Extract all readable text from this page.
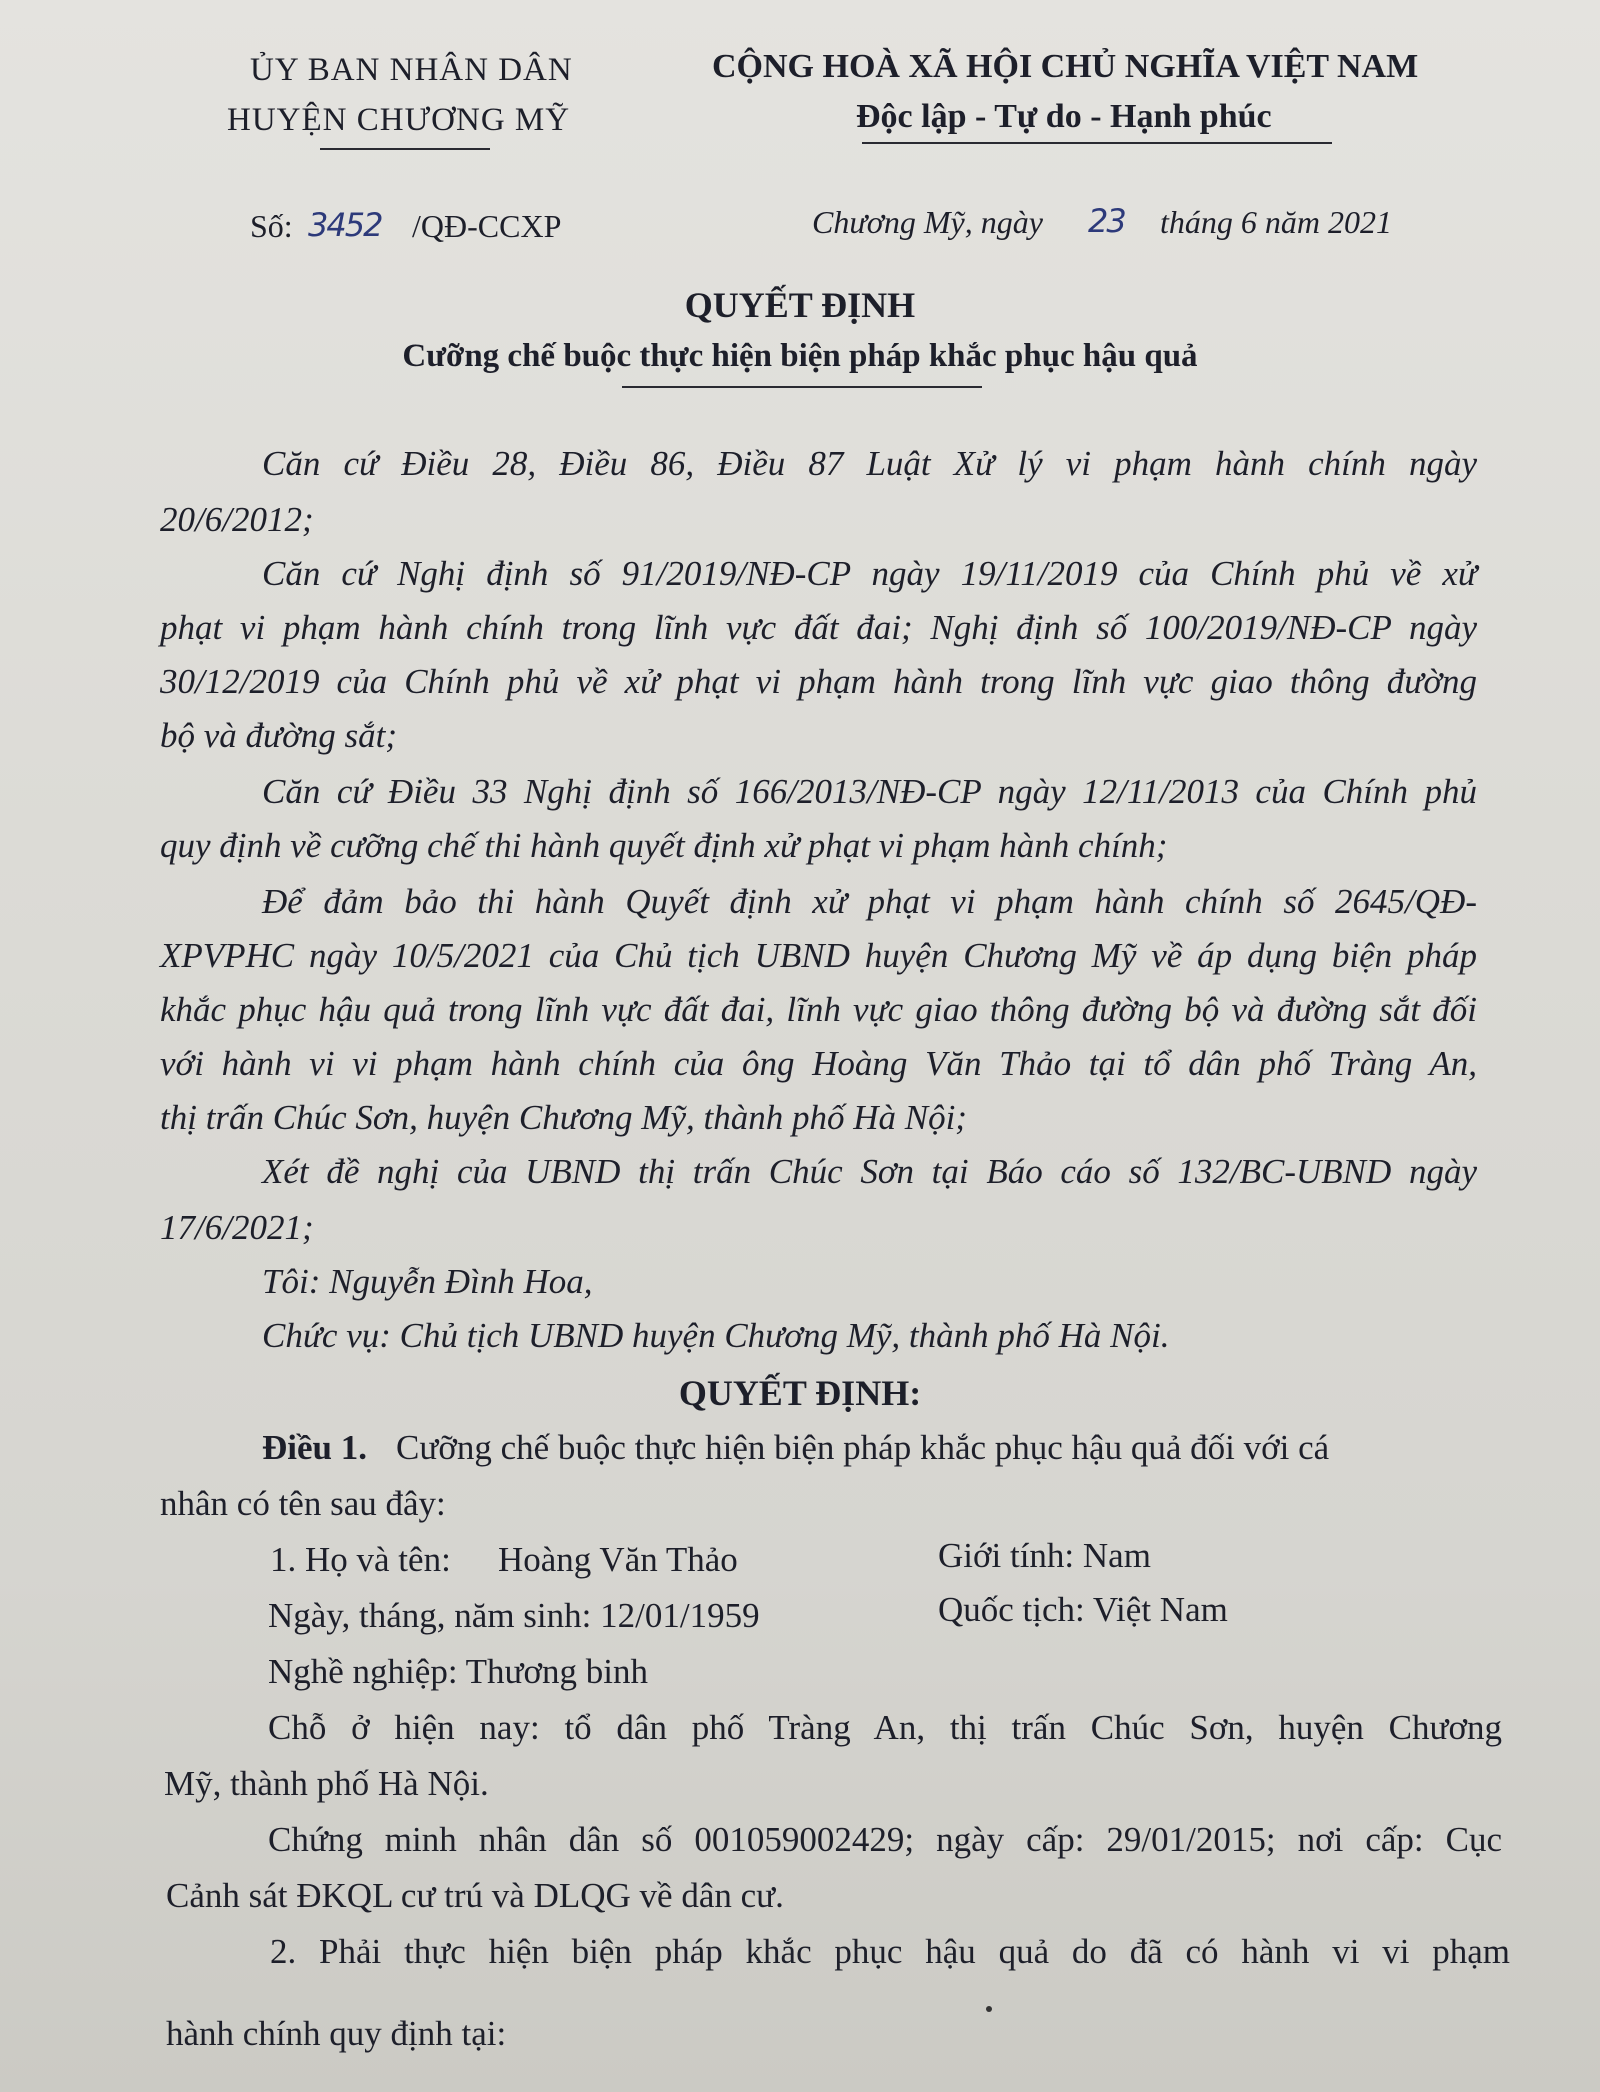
ỦY BAN NHÂN DÂN
HUYỆN CHƯƠNG MỸ
Số: 3452 /QĐ-CCXP
CỘNG HOÀ XÃ HỘI CHỦ NGHĨA VIỆT NAM
Độc lập - Tự do - Hạnh phúc
Chương Mỹ, ngày 23 tháng 6 năm 2021
QUYẾT ĐỊNH
Cưỡng chế buộc thực hiện biện pháp khắc phục hậu quả
Căn cứ Điều 28, Điều 86, Điều 87 Luật Xử lý vi phạm hành chính ngày
20/6/2012;
Căn cứ Nghị định số 91/2019/NĐ-CP ngày 19/11/2019 của Chính phủ về xử
phạt vi phạm hành chính trong lĩnh vực đất đai; Nghị định số 100/2019/NĐ-CP ngày
30/12/2019 của Chính phủ về xử phạt vi phạm hành trong lĩnh vực giao thông đường
bộ và đường sắt;
Căn cứ Điều 33 Nghị định số 166/2013/NĐ-CP ngày 12/11/2013 của Chính phủ
quy định về cưỡng chế thi hành quyết định xử phạt vi phạm hành chính;
Để đảm bảo thi hành Quyết định xử phạt vi phạm hành chính số 2645/QĐ-
XPVPHC ngày 10/5/2021 của Chủ tịch UBND huyện Chương Mỹ về áp dụng biện pháp
khắc phục hậu quả trong lĩnh vực đất đai, lĩnh vực giao thông đường bộ và đường sắt đối
với hành vi vi phạm hành chính của ông Hoàng Văn Thảo tại tổ dân phố Tràng An,
thị trấn Chúc Sơn, huyện Chương Mỹ, thành phố Hà Nội;
Xét đề nghị của UBND thị trấn Chúc Sơn tại Báo cáo số 132/BC-UBND ngày
17/6/2021;
Tôi: Nguyễn Đình Hoa,
Chức vụ: Chủ tịch UBND huyện Chương Mỹ, thành phố Hà Nội.
QUYẾT ĐỊNH:
Điều 1. Cưỡng chế buộc thực hiện biện pháp khắc phục hậu quả đối với cá
nhân có tên sau đây:
1. Họ và tên: Hoàng Văn Thảo	Giới tính: Nam
Ngày, tháng, năm sinh: 12/01/1959	Quốc tịch: Việt Nam
Nghề nghiệp: Thương binh
Chỗ ở hiện nay: tổ dân phố Tràng An, thị trấn Chúc Sơn, huyện Chương
Mỹ, thành phố Hà Nội.
Chứng minh nhân dân số 001059002429; ngày cấp: 29/01/2015; nơi cấp: Cục
Cảnh sát ĐKQL cư trú và DLQG về dân cư.
2. Phải thực hiện biện pháp khắc phục hậu quả do đã có hành vi vi phạm
hành chính quy định tại:
